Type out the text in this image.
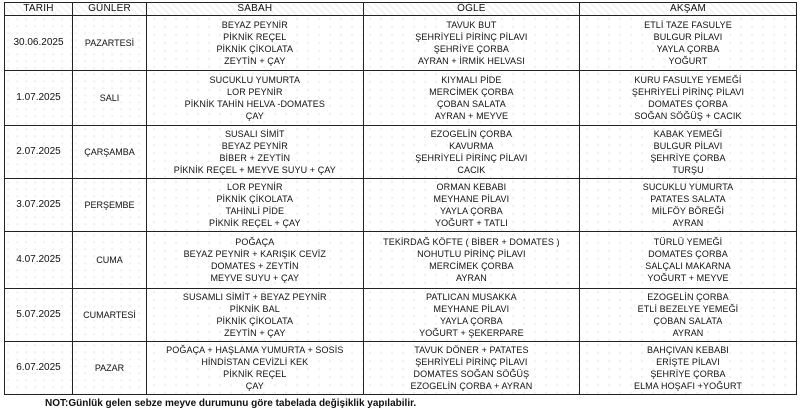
TARİH	GÜNLER	SABAH	ÖĞLE	AKŞAM
30.06.2025	PAZARTESİ	BEYAZ PEYNİR
PİKNİK REÇEL
PİKNİK ÇİKOLATA
ZEYTİN + ÇAY	TAVUK BUT
ŞEHRİYELİ PİRİNÇ PİLAVI
ŞEHRİYE ÇORBA
AYRAN + İRMİK HELVASI	ETLİ TAZE FASULYE
BULGUR PİLAVI
YAYLA ÇORBA
YOĞURT

1.07.2025	SALI	SUCUKLU YUMURTA
LOR PEYNİR
PİKNİK TAHİN HELVA -DOMATES
ÇAY	KIYMALI PİDE
MERCİMEK ÇORBA
ÇOBAN SALATA
AYRAN + MEYVE	KURU FASULYE YEMEĞİ
ŞEHRİYELİ PİRİNÇ PİLAVI
DOMATES ÇORBA
SOĞAN SÖĞÜŞ + CACIK

2.07.2025	ÇARŞAMBA	SUSALI SİMİT
BEYAZ PEYNİR
BİBER + ZEYTİN
PİKNİK REÇEL + MEYVE SUYU + ÇAY	EZOGELİN ÇORBA
KAVURMA
ŞEHRİYELİ PİRİNÇ PİLAVI
CACIK	KABAK YEMEĞİ
BULGUR PİLAVI
ŞEHRİYE ÇORBA
TURŞU

3.07.2025	PERŞEMBE	LOR PEYNİR
PİKNİK ÇİKOLATA
TAHİNLİ PİDE
PİKNİK REÇEL + ÇAY	ORMAN KEBABI
MEYHANE PİLAVI
YAYLA ÇORBA
YOĞURT + TATLI	SUCUKLU YUMURTA
PATATES SALATA
MİLFÖY BÖREĞİ
AYRAN

4.07.2025	CUMA	POĞAÇA
BEYAZ PEYNİR + KARIŞIK CEVİZ
DOMATES + ZEYTİN
MEYVE SUYU + ÇAY	TEKİRDAĞ KÖFTE ( BİBER + DOMATES )
NOHUTLU PİRİNÇ PİLAVI
MERCİMEK ÇORBA
AYRAN	TÜRLÜ YEMEĞİ
DOMATES ÇORBA
SALÇALI MAKARNA
YOĞURT + MEYVE

5.07.2025	CUMARTESİ	SUSAMLI SİMİT + BEYAZ PEYNİR
PİKNİK BAL
PİKNİK ÇİKOLATA
ZEYTİN + ÇAY	PATLICAN MUSAKKA
MEYHANE PİLAVI
YAYLA ÇORBA
YOĞURT + ŞEKERPARE	EZOGELİN ÇORBA
ETLİ BEZELYE YEMEĞİ
ÇOBAN SALATA
AYRAN

6.07.2025	PAZAR	POĞAÇA + HAŞLAMA YUMURTA + SOSİS
HİNDİSTAN CEVİZLİ KEK
PİKNİK REÇEL
ÇAY	TAVUK DÖNER + PATATES
ŞEHRİYELİ PİRİNÇ PİLAVI
DOMATES SOĞAN SÖĞÜŞ
EZOGELİN ÇORBA + AYRAN	BAHÇIVAN KEBABI
ERİŞTE PİLAVI
ŞEHRİYE ÇORBA
ELMA HOŞAFI +YOĞURT
NOT:Günlük gelen sebze meyve durumunu göre tabelada değişiklik yapılabilir.
